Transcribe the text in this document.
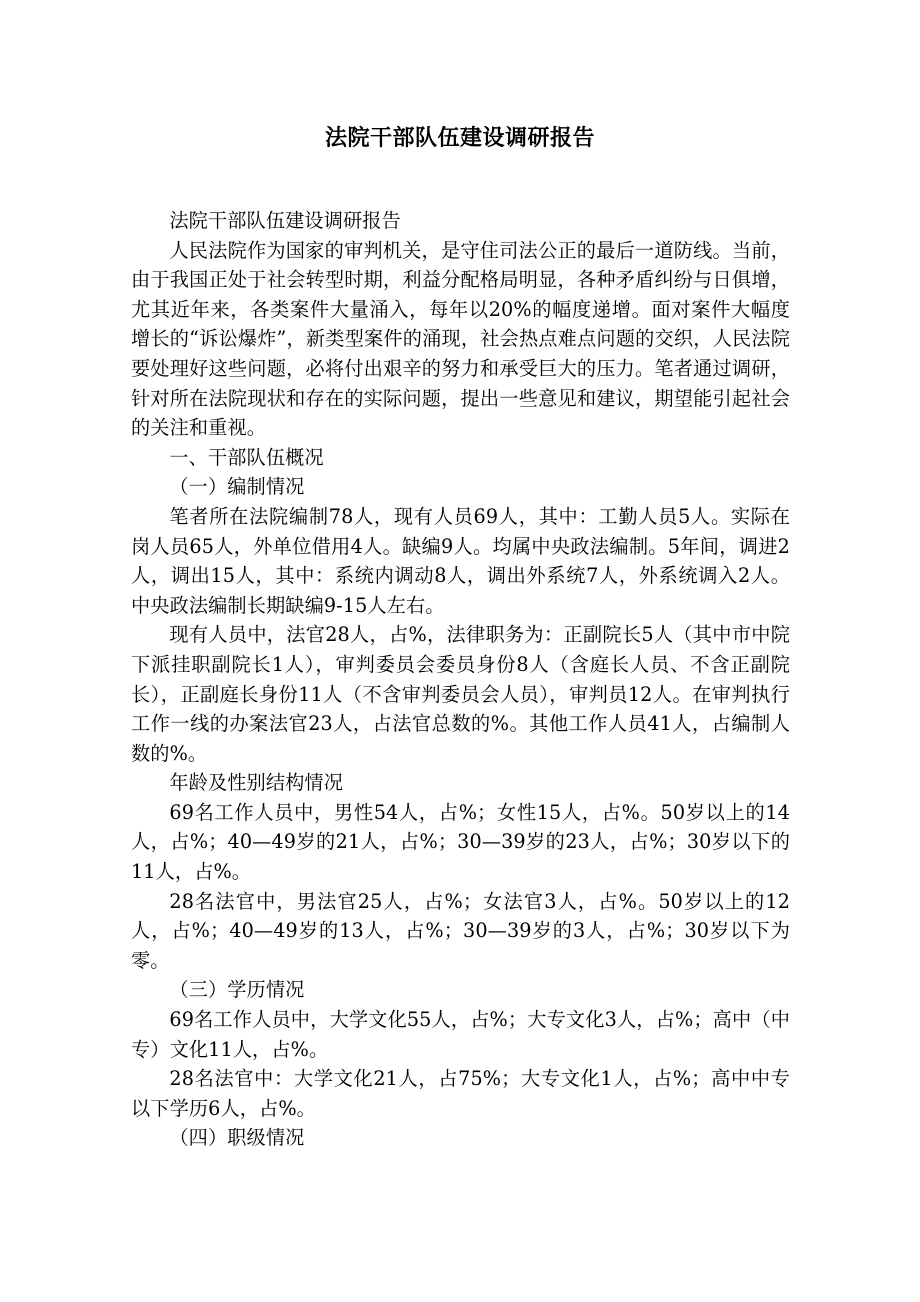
法院干部队伍建设调研报告

法院干部队伍建设调研报告

人民法院作为国家的审判机关，是守住司法公正的最后一道防线。当前，由于我国正处于社会转型时期，利益分配格局明显，各种矛盾纠纷与日俱增，尤其近年来，各类案件大量涌入，每年以20%的幅度递增。面对案件大幅度增长的“诉讼爆炸”，新类型案件的涌现，社会热点难点问题的交织，人民法院要处理好这些问题，必将付出艰辛的努力和承受巨大的压力。笔者通过调研，针对所在法院现状和存在的实际问题，提出一些意见和建议，期望能引起社会的关注和重视。

一、干部队伍概况

（一）编制情况

笔者所在法院编制78人，现有人员69人，其中：工勤人员5人。实际在岗人员65人，外单位借用4人。缺编9人。均属中央政法编制。5年间，调进2人，调出15人，其中：系统内调动8人，调出外系统7人，外系统调入2人。中央政法编制长期缺编9-15人左右。

现有人员中，法官28人，占%，法律职务为：正副院长5人（其中市中院下派挂职副院长1人），审判委员会委员身份8人（含庭长人员、不含正副院长），正副庭长身份11人（不含审判委员会人员），审判员12人。在审判执行工作一线的办案法官23人，占法官总数的%。其他工作人员41人，占编制人数的%。

年龄及性别结构情况

69名工作人员中，男性54人，占%；女性15人，占%。50岁以上的14人，占%；40—49岁的21人，占%；30—39岁的23人，占%；30岁以下的11人，占%。

28名法官中，男法官25人，占%；女法官3人，占%。50岁以上的12人，占%；40—49岁的13人，占%；30—39岁的3人，占%；30岁以下为零。

（三）学历情况

69名工作人员中，大学文化55人，占%；大专文化3人，占%；高中（中专）文化11人，占%。

28名法官中：大学文化21人，占75%；大专文化1人，占%；高中中专以下学历6人，占%。

（四）职级情况
